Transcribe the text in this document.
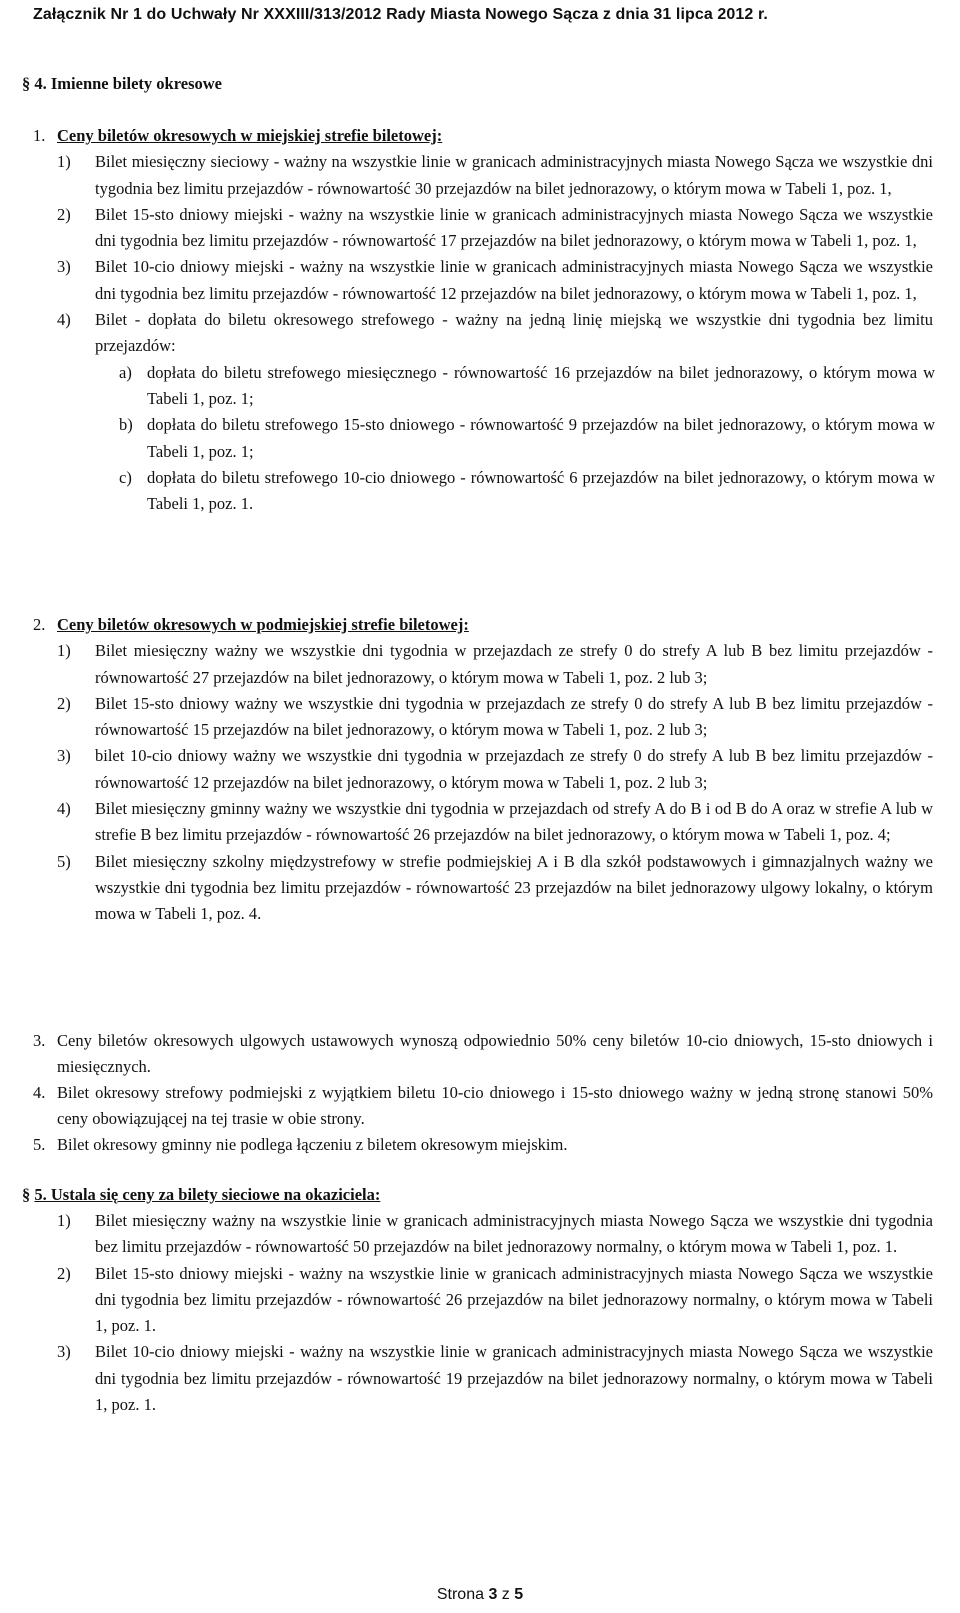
Załącznik Nr 1 do Uchwały Nr XXXIII/313/2012 Rady Miasta Nowego Sącza z dnia 31 lipca 2012 r.
§ 4. Imienne bilety okresowe
1. Ceny biletów okresowych w miejskiej strefie biletowej:
1) Bilet miesięczny sieciowy - ważny na wszystkie linie w granicach administracyjnych miasta Nowego Sącza we wszystkie dni tygodnia bez limitu przejazdów - równowartość 30 przejazdów na bilet jednorazowy, o którym mowa w Tabeli 1, poz. 1,
2) Bilet 15-sto dniowy miejski - ważny na wszystkie linie w granicach administracyjnych miasta Nowego Sącza we wszystkie dni tygodnia bez limitu przejazdów - równowartość 17 przejazdów na bilet jednorazowy, o którym mowa w Tabeli 1, poz. 1,
3) Bilet 10-cio dniowy miejski - ważny na wszystkie linie w granicach administracyjnych miasta Nowego Sącza we wszystkie dni tygodnia bez limitu przejazdów - równowartość 12 przejazdów na bilet jednorazowy, o którym mowa w Tabeli 1, poz. 1,
4) Bilet - dopłata do biletu okresowego strefowego - ważny na jedną linię miejską we wszystkie dni tygodnia bez limitu przejazdów:
a) dopłata do biletu strefowego miesięcznego - równowartość 16 przejazdów na bilet jednorazowy, o którym mowa w Tabeli 1, poz. 1;
b) dopłata do biletu strefowego 15-sto dniowego - równowartość 9 przejazdów na bilet jednorazowy, o którym mowa w Tabeli 1, poz. 1;
c) dopłata do biletu strefowego 10-cio dniowego - równowartość 6 przejazdów na bilet jednorazowy, o którym mowa w Tabeli 1, poz. 1.
2. Ceny biletów okresowych w podmiejskiej strefie biletowej:
1) Bilet miesięczny ważny we wszystkie dni tygodnia w przejazdach ze strefy 0 do strefy A lub B bez limitu przejazdów - równowartość 27 przejazdów na bilet jednorazowy, o którym mowa w Tabeli 1, poz. 2 lub 3;
2) Bilet 15-sto dniowy ważny we wszystkie dni tygodnia w przejazdach ze strefy 0 do strefy A lub B bez limitu przejazdów - równowartość 15 przejazdów na bilet jednorazowy, o którym mowa w Tabeli 1, poz. 2 lub 3;
3) bilet 10-cio dniowy ważny we wszystkie dni tygodnia w przejazdach ze strefy 0 do strefy A lub B bez limitu przejazdów - równowartość 12 przejazdów na bilet jednorazowy, o którym mowa w Tabeli 1, poz. 2 lub 3;
4) Bilet miesięczny gminny ważny we wszystkie dni tygodnia w przejazdach od strefy A do B i od B do A oraz w strefie A lub w strefie B bez limitu przejazdów - równowartość 26 przejazdów na bilet jednorazowy, o którym mowa w Tabeli 1, poz. 4;
5) Bilet miesięczny szkolny międzystrefowy w strefie podmiejskiej A i B dla szkół podstawowych i gimnazjalnych ważny we wszystkie dni tygodnia bez limitu przejazdów - równowartość 23 przejazdów na bilet jednorazowy ulgowy lokalny, o którym mowa w Tabeli 1, poz. 4.
3. Ceny biletów okresowych ulgowych ustawowych wynoszą odpowiednio 50% ceny biletów 10-cio dniowych, 15-sto dniowych i miesięcznych.
4. Bilet okresowy strefowy podmiejski z wyjątkiem biletu 10-cio dniowego i 15-sto dniowego ważny w jedną stronę stanowi 50% ceny obowiązującej na tej trasie w obie strony.
5. Bilet okresowy gminny nie podlega łączeniu z biletem okresowym miejskim.
§ 5. Ustala się ceny za bilety sieciowe na okaziciela:
1) Bilet miesięczny ważny na wszystkie linie w granicach administracyjnych miasta Nowego Sącza we wszystkie dni tygodnia bez limitu przejazdów - równowartość 50 przejazdów na bilet jednorazowy normalny, o którym mowa w Tabeli 1, poz. 1.
2) Bilet 15-sto dniowy miejski - ważny na wszystkie linie w granicach administracyjnych miasta Nowego Sącza we wszystkie dni tygodnia bez limitu przejazdów - równowartość 26 przejazdów na bilet jednorazowy normalny, o którym mowa w Tabeli 1, poz. 1.
3) Bilet 10-cio dniowy miejski - ważny na wszystkie linie w granicach administracyjnych miasta Nowego Sącza we wszystkie dni tygodnia bez limitu przejazdów - równowartość 19 przejazdów na bilet jednorazowy normalny, o którym mowa w Tabeli 1, poz. 1.
Strona 3 z 5
